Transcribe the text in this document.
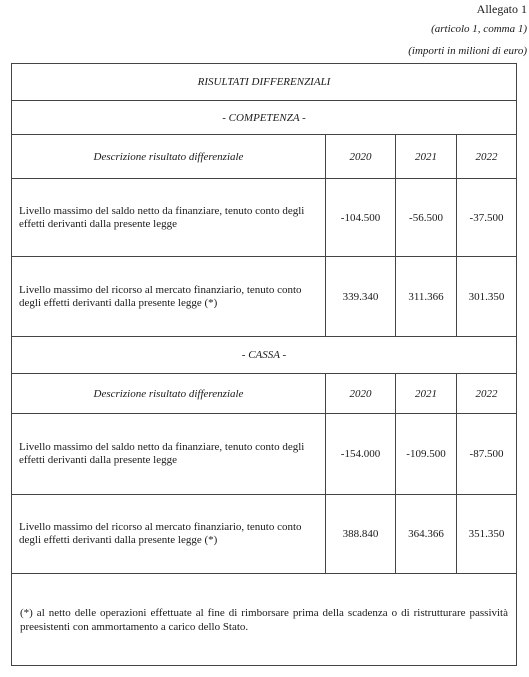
Allegato 1
(articolo 1, comma 1)
(importi in milioni di euro)
RISULTATI DIFFERENZIALI
- COMPETENZA -
Descrizione risultato differenziale	2020	2021	2022
Livello massimo del saldo netto da finanziare, tenuto conto degli effetti derivanti dalla presente legge	-104.500	-56.500	-37.500
Livello massimo del ricorso al mercato finanziario, tenuto conto degli effetti derivanti dalla presente legge (*)	339.340	311.366	301.350
- CASSA -
Descrizione risultato differenziale	2020	2021	2022
Livello massimo del saldo netto da finanziare, tenuto conto degli effetti derivanti dalla presente legge	-154.000	-109.500	-87.500
Livello massimo del ricorso al mercato finanziario, tenuto conto degli effetti derivanti dalla presente legge (*)	388.840	364.366	351.350
(*) al netto delle operazioni effettuate al fine di rimborsare prima della scadenza o di ristrutturare passività preesistenti con ammortamento a carico dello Stato.
